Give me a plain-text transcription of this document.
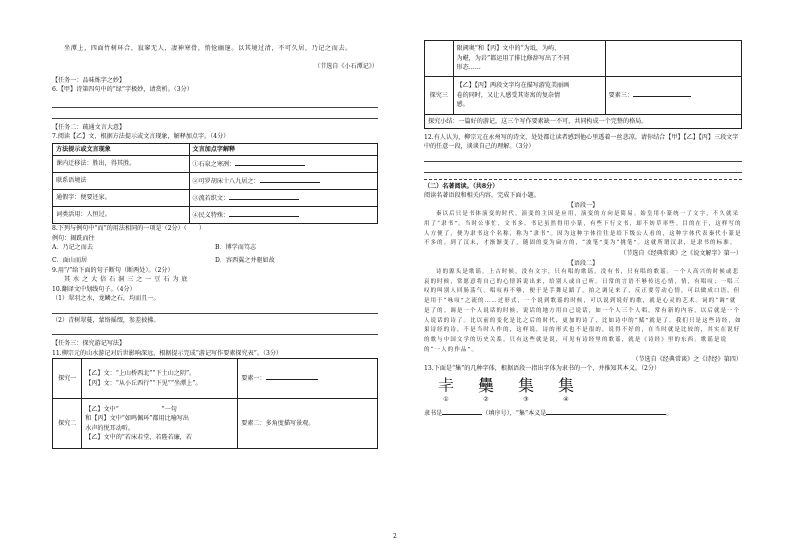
坐潭上，四面竹树环合，寂寥无人，凄神寒骨，悄怆幽邃。以其境过清，不可久居，乃记之而去。

（节选自《小石潭记》）

【任务一：品味炼字之妙】

6.【甲】诗第四句中的“绿”字极妙，请赏析。（3分）

【任务二：疏通文言大意】

7.阅读【乙】文，根据方法提示或文言现象，解释加点字。（4分）

方法提示或文言现象	文言加点字解释
课内迁移法：胜出，得其胜。	①石泉之寒冽：
联系语境法	②可罗胡床十八九居之：
通假字：便要还家。	③流若织文：
词类活用：人恒过。	④民义特殊：

8.下列与例句中“而”的用法相同的一项是（2分）（　　）

例句：揭跣而往

A．乃记之而去	B．博学而笃志
C．面山而居	D．容西翼之并驱如故

9.用“/”给下面的句子断句（断两处）。（2分）

其 水 之 大 倍 石 洞 三 之 一 豆 石 为 底

10.翻译文中划线句子。（4分）

（1）翠羽之水，龙鳞之石，均而且一。

（2）青树翠蔓，蒙络摇缀，参差披拂。

【任务三：探究游记写法】

11.柳宗元的山水游记对后世影响深远，根据提示完成“游记写作要素探究表”。（3分）

探究一	【乙】文：“上山桥西北”“下土山之阴”。
【丙】文：“从小丘西行”“下见”“坐潭上”。	要素一：
探究二	【乙】文中“　　　　　　　”一句
和【丙】文中“如鸣佩环”都用比喻写出
水声的悦耳动听。
【乙】文中的“若床若堂，若陛若廉，若	要素二：多角度描写景观。

	限阈奥”和【丙】文中的“为坻，为屿，
为嵁，为岩”都运用了排比修辞写出了不同
形态……	

探究三	【乙】【丙】两段文字均在描写游览美丽画
卷的同时，又让人感受其寄寓的复杂情
感。	要素三：
探究小结：一篇好的游记，这三个写作要素缺一不可，共同构成一个完整的格局。		

12.有人认为，柳宗元在永州写的诗文，处处都让读者感到他心里透着一丝悲凉。请你结合【甲】【乙】【丙】三段文字中的任意一段，谈谈自己的理解。（3分）

（二）名著阅读。（共8分）

阅读名著语段和相关内容，完成下面小题。

【语段一】

秦以后只是书体演变的时代，演变的主因是应用，演变的方向是简易。始皇用小篆统一了文字，不久就采用了“隶书”。当时公事忙，文书多，书记虽然得用小篆，有些下行文书，却不妨草率些。目的在于，这样写的人方便了，便为隶书这个名称，称为“隶书”。因为这种字体往往是给下级公人看的，这种字体代表秦代小篆是不多的。到了汉末，才渐渐变了，随固的变为扁方的，“波笔”变为“挑笔”。这就所谓汉隶，是隶书的标准。

（节选自《经典常谈》之《说文解字》第一）

【语段二】

诗的源头是歌谣。上古时候，没有文字，只有唱的歌谣。没有书，只有唱的歌谣。一个人高兴的时候或悲哀的时候，常愿意将自己的心情诉说出来，给别人或自己听。日常的言语不够传达心情，情，有唱叹；一唱三叹的叫别人回肠荡气。唱叹再不够，便于是手舞足蹈了，拍之调足来了，反正要劳动心情，可以做成口语，但是用于“咏叹”之流的……过形式，一个说到歌谣的时候，可以说到说好的歌，就是心灵的艺术。词的“调”就是了的。调是一个人说话的时候，说话的地方用自己说话，如一个人三个人唱，常有新的内容，以后就是一个人说话的诗了。比以前的变化是比之后的时代，更加的诗了，比如诗中的“赋”就是了。我们只是这些诗经，如果诗经的诗，不是当时人作的，这样说，诗的形式也不是很的，说得不好的，在当时就是比较的，其实在说好的歌与中国文学的历史关系，只有这些就是说，可见有诗经里的歌谣，就是《诗经》里的东西。歌谣是说的“一人的作品”。

（节选自《经典常谈》之《诗经》第四）

13.下面是“集”的几种字体，根据语段一指出字体为隶书的一个，并推知其本义。（2分）

𠦋 雧 集 集
①	②	③	④

隶书是	（填序号），“集”本义是	。

2
